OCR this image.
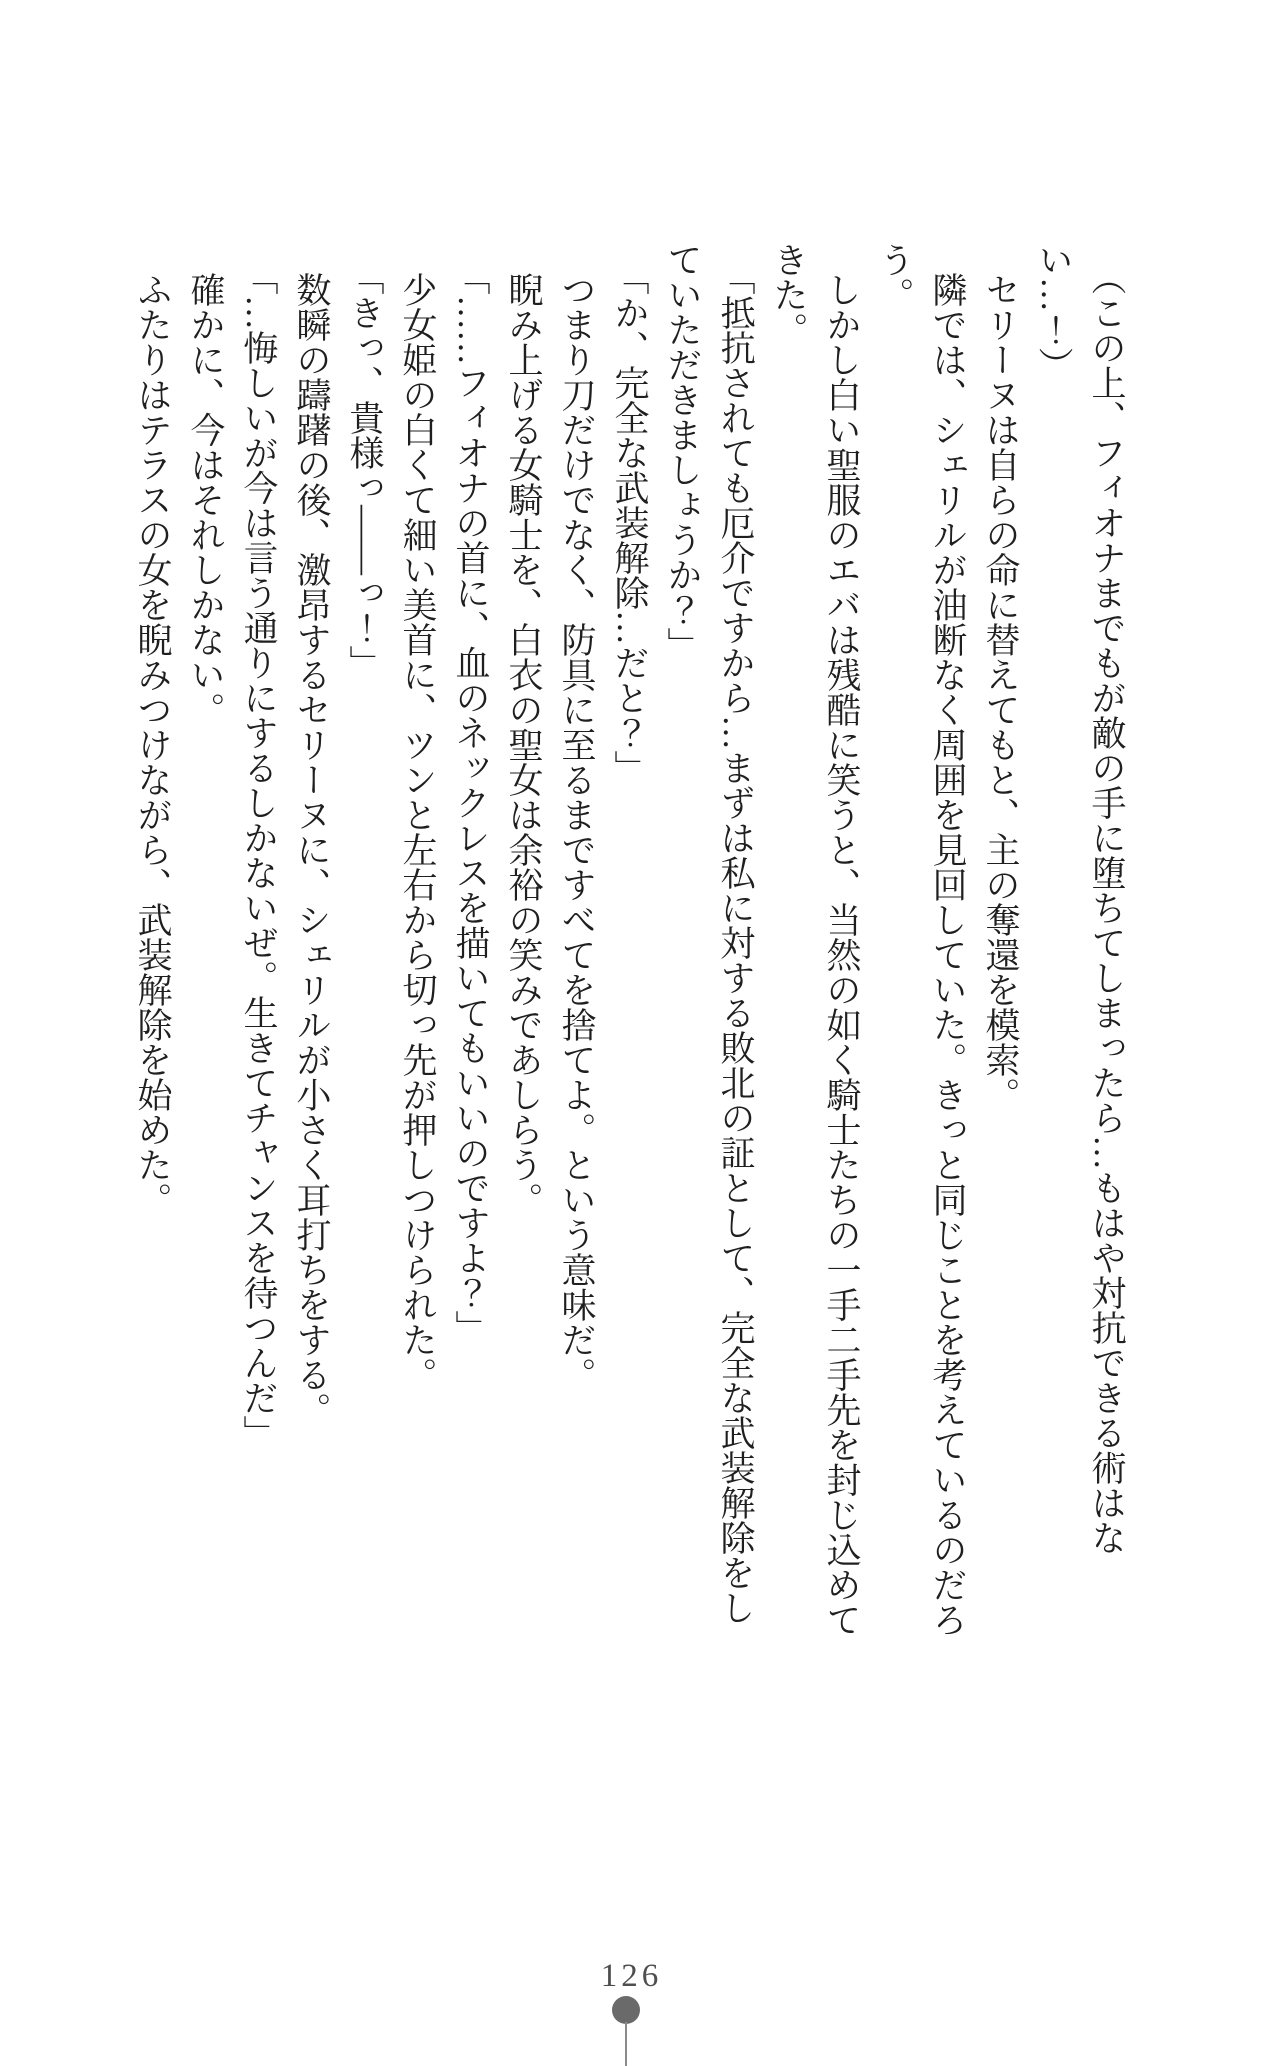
（この上、フィオナまでもが敵の手に堕ちてしまったら…もはや対抗できる術はない…！）

セリーヌは自らの命に替えてもと、主の奪還を模索。

隣では、シェリルが油断なく周囲を見回していた。きっと同じことを考えているのだろう。

しかし白い聖服のエバは残酷に笑うと、当然の如く騎士たちの一手二手先を封じ込めてきた。

「抵抗されても厄介ですから…まずは私に対する敗北の証として、完全な武装解除をしていただきましょうか？」

「か、完全な武装解除…だと？」

つまり刀だけでなく、防具に至るまですべてを捨てよ。という意味だ。

睨み上げる女騎士を、白衣の聖女は余裕の笑みであしらう。

「……フィオナの首に、血のネックレスを描いてもいいのですよ？」

少女姫の白くて細い美首に、ツンと左右から切っ先が押しつけられた。

「きっ、貴様っ――っ！」

数瞬の躊躇の後、激昂するセリーヌに、シェリルが小さく耳打ちをする。

「…悔しいが今は言う通りにするしかないぜ。生きてチャンスを待つんだ」

確かに、今はそれしかない。

ふたりはテラスの女を睨みつけながら、武装解除を始めた。

126
